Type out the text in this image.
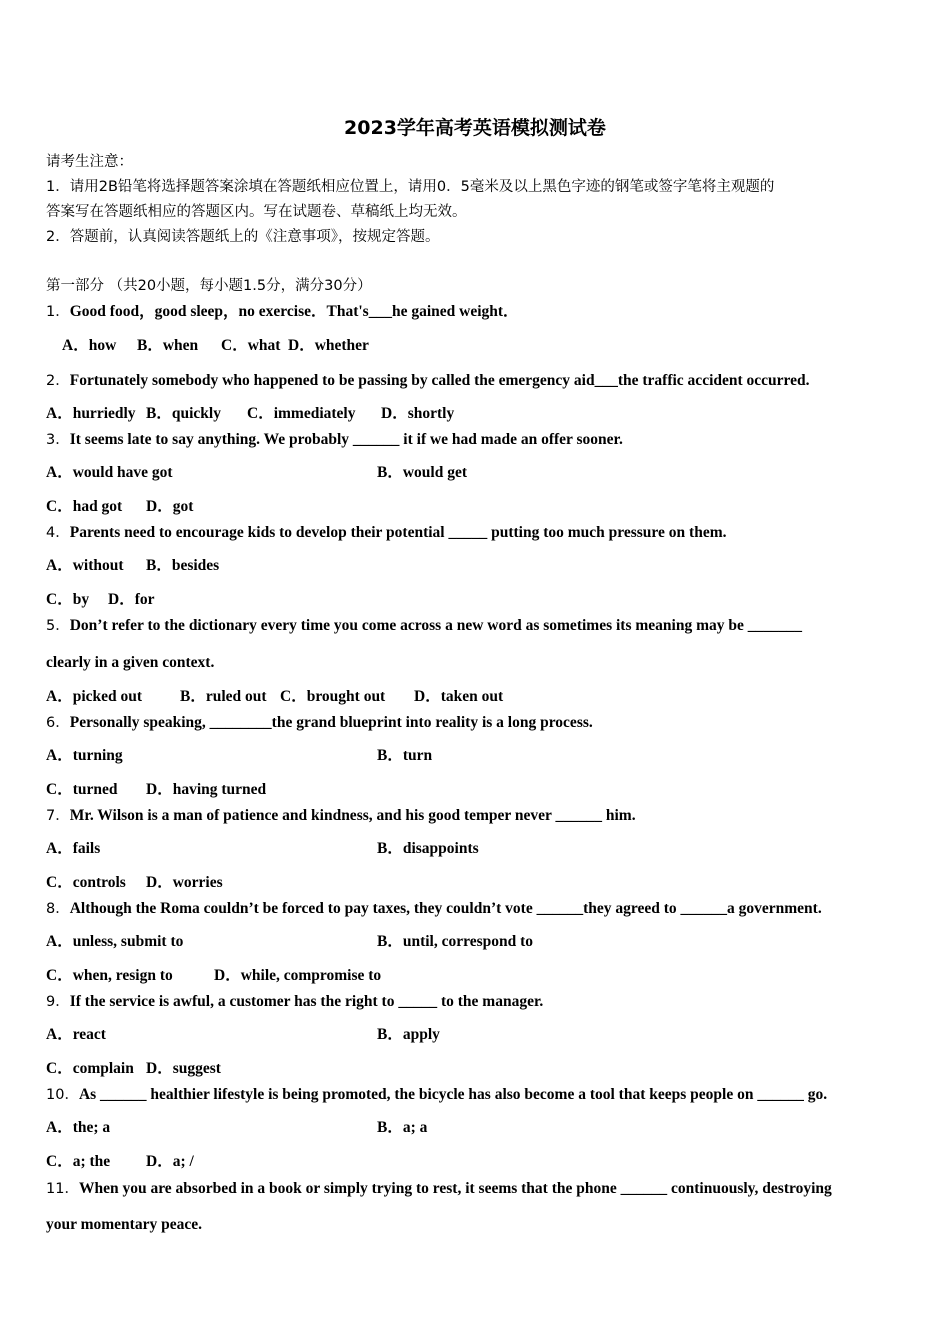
2023学年高考英语模拟测试卷
请考生注意：
1．请用2B铅笔将选择题答案涂填在答题纸相应位置上，请用0．5毫米及以上黑色字迹的钢笔或签字笔将主观题的
答案写在答题纸相应的答题区内。写在试题卷、草稿纸上均无效。
2．答题前，认真阅读答题纸上的《注意事项》，按规定答题。
第一部分 （共20小题，每小题1.5分，满分30分）
1．Good food，good sleep，no exercise．That's___he gained weight．
A．how B．when C．what D．whether
2．Fortunately somebody who happened to be passing by called the emergency aid___the traffic accident occurred.
A．hurriedly B．quickly C．immediately D．shortly
3．It seems late to say anything. We probably ______ it if we had made an offer sooner.
A．would have got	B．would get
C．had got D．got
4．Parents need to encourage kids to develop their potential _____ putting too much pressure on them.
A．without B．besides
C．by D．for
5．Don’t refer to the dictionary every time you come across a new word as sometimes its meaning may be _______
clearly in a given context.
A．picked out B．ruled out C．brought out D．taken out
6．Personally speaking, ________the grand blueprint into reality is a long process.
A．turning	B．turn
C．turned D．having turned
7．Mr. Wilson is a man of patience and kindness, and his good temper never ______ him.
A．fails	B．disappoints
C．controls D．worries
8．Although the Roma couldn’t be forced to pay taxes, they couldn’t vote ______they agreed to ______a government.
A．unless, submit to	B．until, correspond to
C．when, resign to	D．while, compromise to
9．If the service is awful, a customer has the right to _____ to the manager.
A．react	B．apply
C．complain D．suggest
10．As ______ healthier lifestyle is being promoted, the bicycle has also become a tool that keeps people on ______ go.
A．the; a	B．a; a
C．a; the D．a; /
11．When you are absorbed in a book or simply trying to rest, it seems that the phone ______ continuously, destroying
your momentary peace.
